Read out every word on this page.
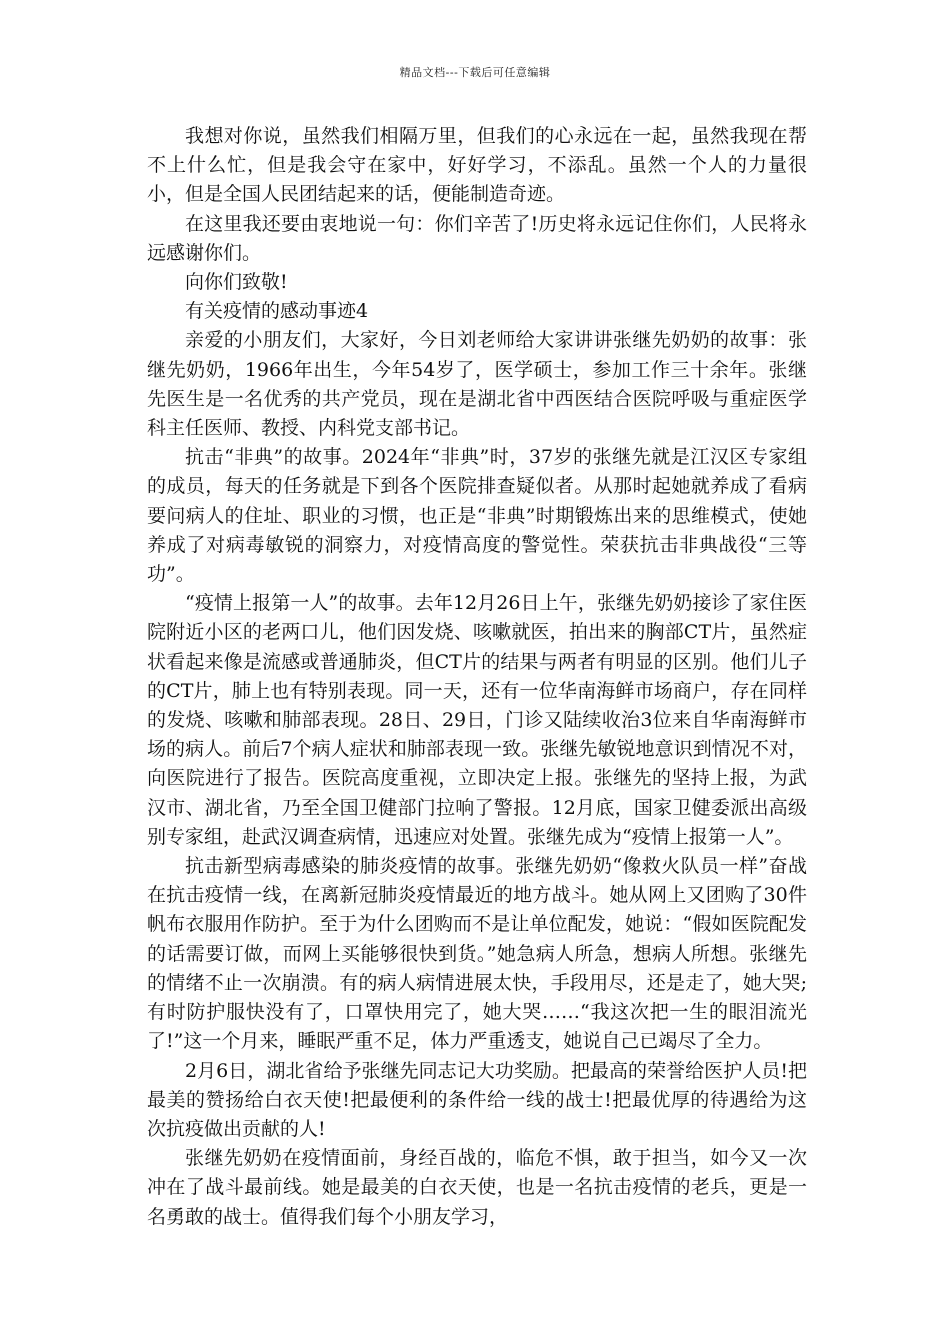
精品文档---下载后可任意编辑

我想对你说，虽然我们相隔万里，但我们的心永远在一起，虽然我现在帮不上什么忙，但是我会守在家中，好好学习，不添乱。虽然一个人的力量很小，但是全国人民团结起来的话，便能制造奇迹。

在这里我还要由衷地说一句：你们辛苦了!历史将永远记住你们，人民将永远感谢你们。

向你们致敬!

有关疫情的感动事迹4

亲爱的小朋友们，大家好，今日刘老师给大家讲讲张继先奶奶的故事：张继先奶奶，1966年出生，今年54岁了，医学硕士，参加工作三十余年。张继先医生是一名优秀的共产党员，现在是湖北省中西医结合医院呼吸与重症医学科主任医师、教授、内科党支部书记。

抗击“非典”的故事。2024年“非典”时，37岁的张继先就是江汉区专家组的成员，每天的任务就是下到各个医院排查疑似者。从那时起她就养成了看病要问病人的住址、职业的习惯，也正是“非典”时期锻炼出来的思维模式，使她养成了对病毒敏锐的洞察力，对疫情高度的警觉性。荣获抗击非典战役“三等功”。

“疫情上报第一人”的故事。去年12月26日上午，张继先奶奶接诊了家住医院附近小区的老两口儿，他们因发烧、咳嗽就医，拍出来的胸部CT片，虽然症状看起来像是流感或普通肺炎，但CT片的结果与两者有明显的区别。他们儿子的CT片，肺上也有特别表现。同一天，还有一位华南海鲜市场商户，存在同样的发烧、咳嗽和肺部表现。28日、29日，门诊又陆续收治3位来自华南海鲜市场的病人。前后7个病人症状和肺部表现一致。张继先敏锐地意识到情况不对，向医院进行了报告。医院高度重视，立即决定上报。张继先的坚持上报，为武汉市、湖北省，乃至全国卫健部门拉响了警报。12月底，国家卫健委派出高级别专家组，赴武汉调查病情，迅速应对处置。张继先成为“疫情上报第一人”。

抗击新型病毒感染的肺炎疫情的故事。张继先奶奶“像救火队员一样”奋战在抗击疫情一线，在离新冠肺炎疫情最近的地方战斗。她从网上又团购了30件帆布衣服用作防护。至于为什么团购而不是让单位配发，她说：“假如医院配发的话需要订做，而网上买能够很快到货。”她急病人所急，想病人所想。张继先的情绪不止一次崩溃。有的病人病情进展太快，手段用尽，还是走了，她大哭;有时防护服快没有了，口罩快用完了，她大哭……“我这次把一生的眼泪流光了!”这一个月来，睡眠严重不足，体力严重透支，她说自己已竭尽了全力。

2月6日，湖北省给予张继先同志记大功奖励。把最高的荣誉给医护人员!把最美的赞扬给白衣天使!把最便利的条件给一线的战士!把最优厚的待遇给为这次抗疫做出贡献的人!

张继先奶奶在疫情面前，身经百战的，临危不惧，敢于担当，如今又一次冲在了战斗最前线。她是最美的白衣天使，也是一名抗击疫情的老兵，更是一名勇敢的战士。值得我们每个小朋友学习，
